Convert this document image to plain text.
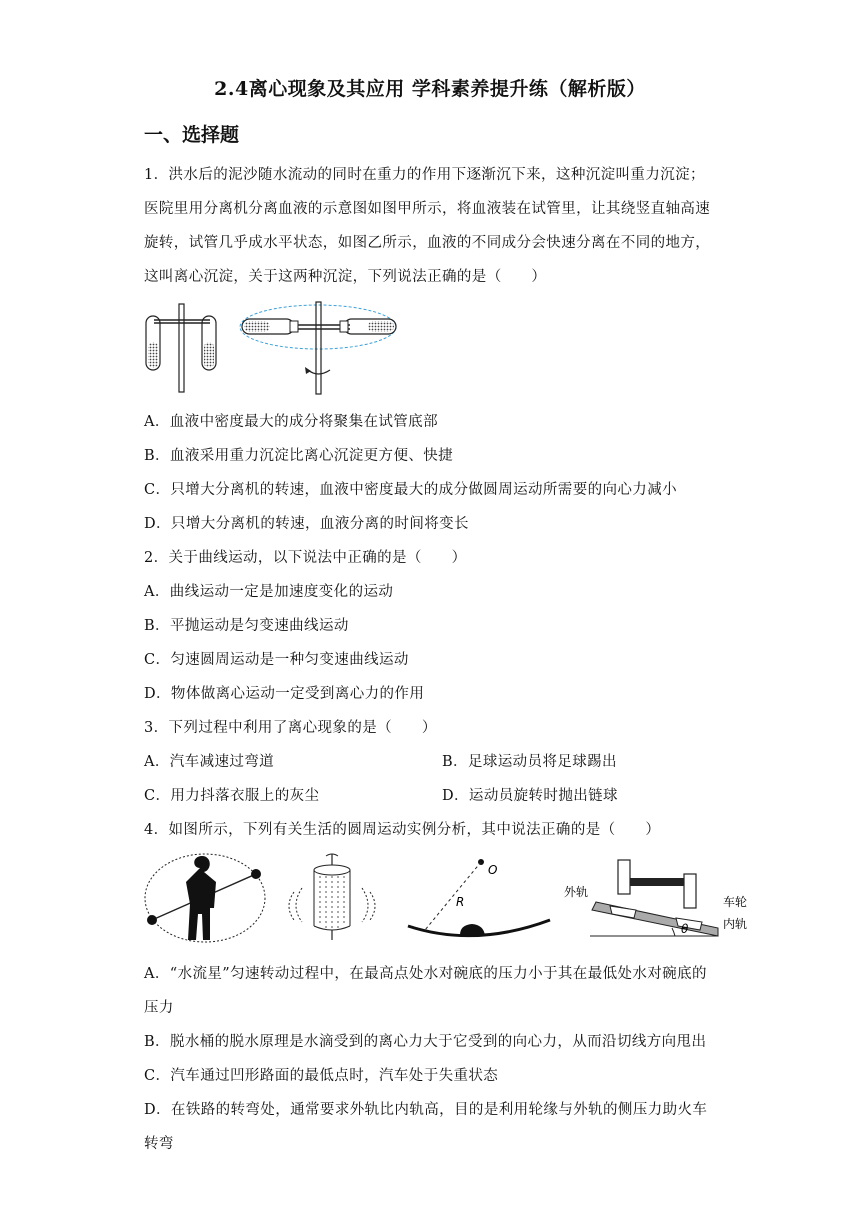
2.4离心现象及其应用 学科素养提升练（解析版）
一、选择题
1．洪水后的泥沙随水流动的同时在重力的作用下逐渐沉下来，这种沉淀叫重力沉淀；
医院里用分离机分离血液的示意图如图甲所示，将血液装在试管里，让其绕竖直轴高速
旋转，试管几乎成水平状态，如图乙所示，血液的不同成分会快速分离在不同的地方，
这叫离心沉淀，关于这两种沉淀，下列说法正确的是（　　）
A．血液中密度最大的成分将聚集在试管底部
B．血液采用重力沉淀比离心沉淀更方便、快捷
C．只增大分离机的转速，血液中密度最大的成分做圆周运动所需要的向心力减小
D．只增大分离机的转速，血液分离的时间将变长
2．关于曲线运动，以下说法中正确的是（　　）
A．曲线运动一定是加速度变化的运动
B．平抛运动是匀变速曲线运动
C．匀速圆周运动是一种匀变速曲线运动
D．物体做离心运动一定受到离心力的作用
3．下列过程中利用了离心现象的是（　　）
A．汽车减速过弯道	B．足球运动员将足球踢出
C．用力抖落衣服上的灰尘	D．运动员旋转时抛出链球
4．如图所示，下列有关生活的圆周运动实例分析，其中说法正确的是（　　）
O
R
外轨
车轮
内轨
θ
A．“水流星”匀速转动过程中，在最高点处水对碗底的压力小于其在最低处水对碗底的
压力
B．脱水桶的脱水原理是水滴受到的离心力大于它受到的向心力，从而沿切线方向甩出
C．汽车通过凹形路面的最低点时，汽车处于失重状态
D．在铁路的转弯处，通常要求外轨比内轨高，目的是利用轮缘与外轨的侧压力助火车
转弯
